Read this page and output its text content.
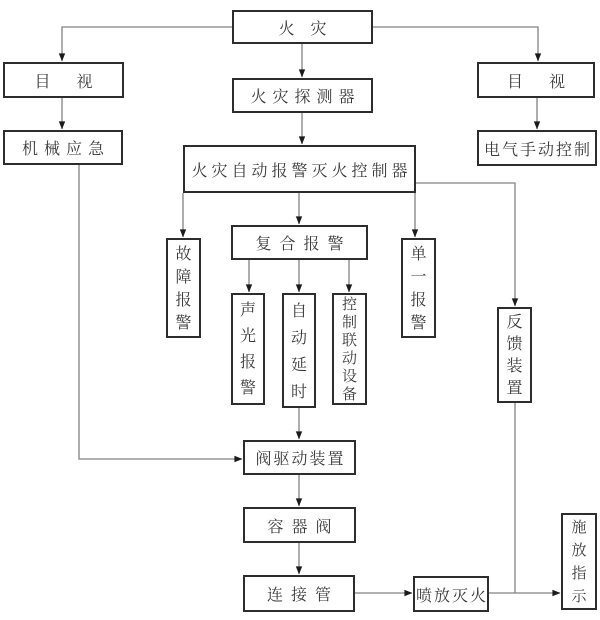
火灾
目视	目视
火灾探测器
机械应急	电气手动控制
火灾自动报警灭火控制器
复合报警
故障报警
单一报警
声光报警
自动延时
控制联动设备
反馈装置
阀驱动装置
容器阀
连接管	喷放灭火
施放指示
